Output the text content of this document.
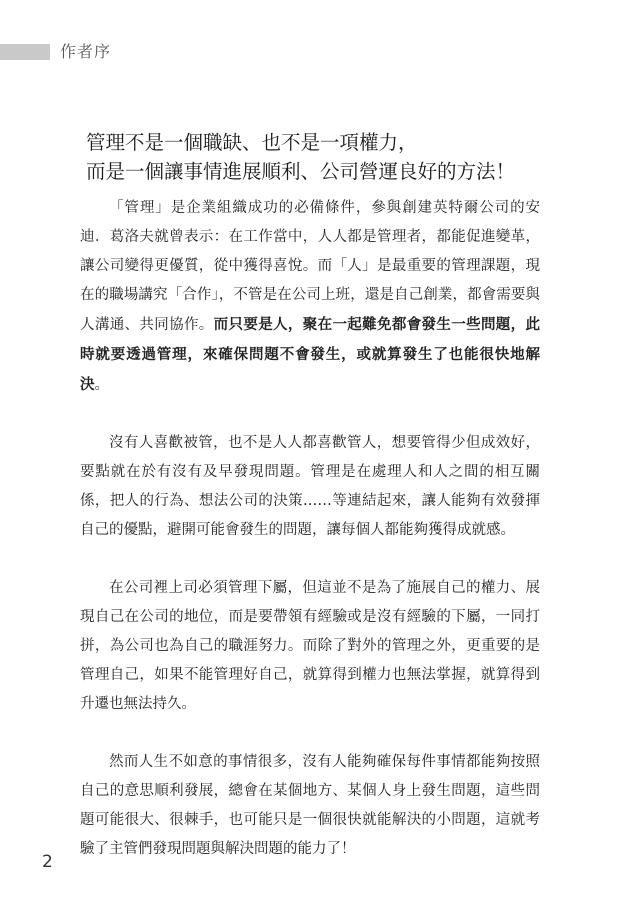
作者序
管理不是一個職缺、也不是一項權力，
而是一個讓事情進展順利、公司營運良好的方法！

「管理」是企業組織成功的必備條件，參與創建英特爾公司的安迪．葛洛夫就曾表示：在工作當中，人人都是管理者，都能促進變革，讓公司變得更優質，從中獲得喜悅。而「人」是最重要的管理課題，現在的職場講究「合作」，不管是在公司上班，還是自己創業，都會需要與人溝通、共同協作。而只要是人，聚在一起難免都會發生一些問題，此時就要透過管理，來確保問題不會發生，或就算發生了也能很快地解決。

沒有人喜歡被管，也不是人人都喜歡管人，想要管得少但成效好，要點就在於有沒有及早發現問題。管理是在處理人和人之間的相互關係，把人的行為、想法公司的決策……等連結起來，讓人能夠有效發揮自己的優點，避開可能會發生的問題，讓每個人都能夠獲得成就感。

在公司裡上司必須管理下屬，但這並不是為了施展自己的權力、展現自己在公司的地位，而是要帶領有經驗或是沒有經驗的下屬，一同打拼，為公司也為自己的職涯努力。而除了對外的管理之外，更重要的是管理自己，如果不能管理好自己，就算得到權力也無法掌握，就算得到升遷也無法持久。

然而人生不如意的事情很多，沒有人能夠確保每件事情都能夠按照自己的意思順利發展，總會在某個地方、某個人身上發生問題，這些問題可能很大、很棘手，也可能只是一個很快就能解決的小問題，這就考驗了主管們發現問題與解決問題的能力了！

2
